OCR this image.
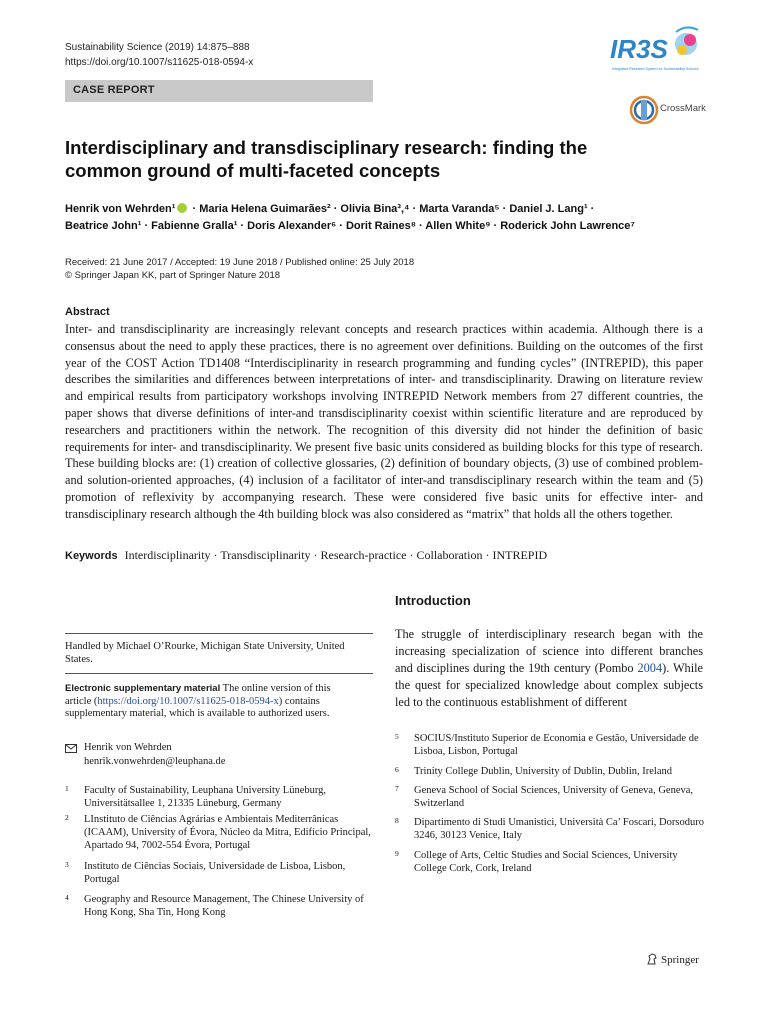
Sustainability Science (2019) 14:875–888
https://doi.org/10.1007/s11625-018-0594-x	IR3S
Integrated Research System for Sustainability Science
CASE REPORT
CrossMark
Interdisciplinary and transdisciplinary research: finding the common ground of multi-faceted concepts
Henrik von Wehrden¹ · Maria Helena Guimarães² · Olivia Bina³,⁴ · Marta Varanda⁵ · Daniel J. Lang¹ ·
Beatrice John¹ · Fabienne Gralla¹ · Doris Alexander⁶ · Dorit Raines⁸ · Allen White⁹ · Roderick John Lawrence⁷
Received: 21 June 2017 / Accepted: 19 June 2018 / Published online: 25 July 2018
© Springer Japan KK, part of Springer Nature 2018
Abstract

Inter- and transdisciplinarity are increasingly relevant concepts and research practices within academia. Although there is a consensus about the need to apply these practices, there is no agreement over definitions. Building on the outcomes of the first year of the COST Action TD1408 “Interdisciplinarity in research programming and funding cycles” (INTREPID), this paper describes the similarities and differences between interpretations of inter- and transdisciplinarity. Drawing on literature review and empirical results from participatory workshops involving INTREPID Network members from 27 different countries, the paper shows that diverse definitions of inter-and transdisciplinarity coexist within scientific literature and are reproduced by researchers and practitioners within the network. The recognition of this diversity did not hinder the definition of basic requirements for inter- and transdisciplinarity. We present five basic units considered as building blocks for this type of research. These building blocks are: (1) creation of collective glossaries, (2) definition of boundary objects, (3) use of combined problem- and solution-oriented approaches, (4) inclusion of a facilitator of inter-and transdisciplinary research within the team and (5) promotion of reflexivity by accompanying research. These were considered five basic units for effective inter- and transdisciplinary research although the 4th building block was also considered as “matrix” that holds all the others together.

Keywords Interdisciplinarity · Transdisciplinarity · Research-practice · Collaboration · INTREPID
Introduction

The struggle of interdisciplinary research began with the increasing specialization of science into different branches and disciplines during the 19th century (Pombo 2004). While the quest for specialized knowledge about complex subjects led to the continuous establishment of different

Handled by Michael O’Rourke, Michigan State University, United States.
Electronic supplementary material The online version of this article (https://doi.org/10.1007/s11625-018-0594-x) contains supplementary material, which is available to authorized users.
Henrik von Wehrden
henrik.vonwehrden@leuphana.de
1 Faculty of Sustainability, Leuphana University Lüneburg, Universitätsallee 1, 21335 Lüneburg, Germany
2 LInstituto de Ciências Agrárias e Ambientais Mediterrânicas (ICAAM), University of Évora, Núcleo da Mitra, Edifício Principal, Apartado 94, 7002-554 Évora, Portugal
3 Instituto de Ciências Sociais, Universidade de Lisboa, Lisbon, Portugal
4 Geography and Resource Management, The Chinese University of Hong Kong, Sha Tin, Hong Kong
5 SOCIUS/Instituto Superior de Economia e Gestão, Universidade de Lisboa, Lisbon, Portugal
6 Trinity College Dublin, University of Dublin, Dublin, Ireland
7 Geneva School of Social Sciences, University of Geneva, Geneva, Switzerland
8 Dipartimento di Studi Umanistici, Università Ca’ Foscari, Dorsoduro 3246, 30123 Venice, Italy
9 College of Arts, Celtic Studies and Social Sciences, University College Cork, Cork, Ireland
Springer
